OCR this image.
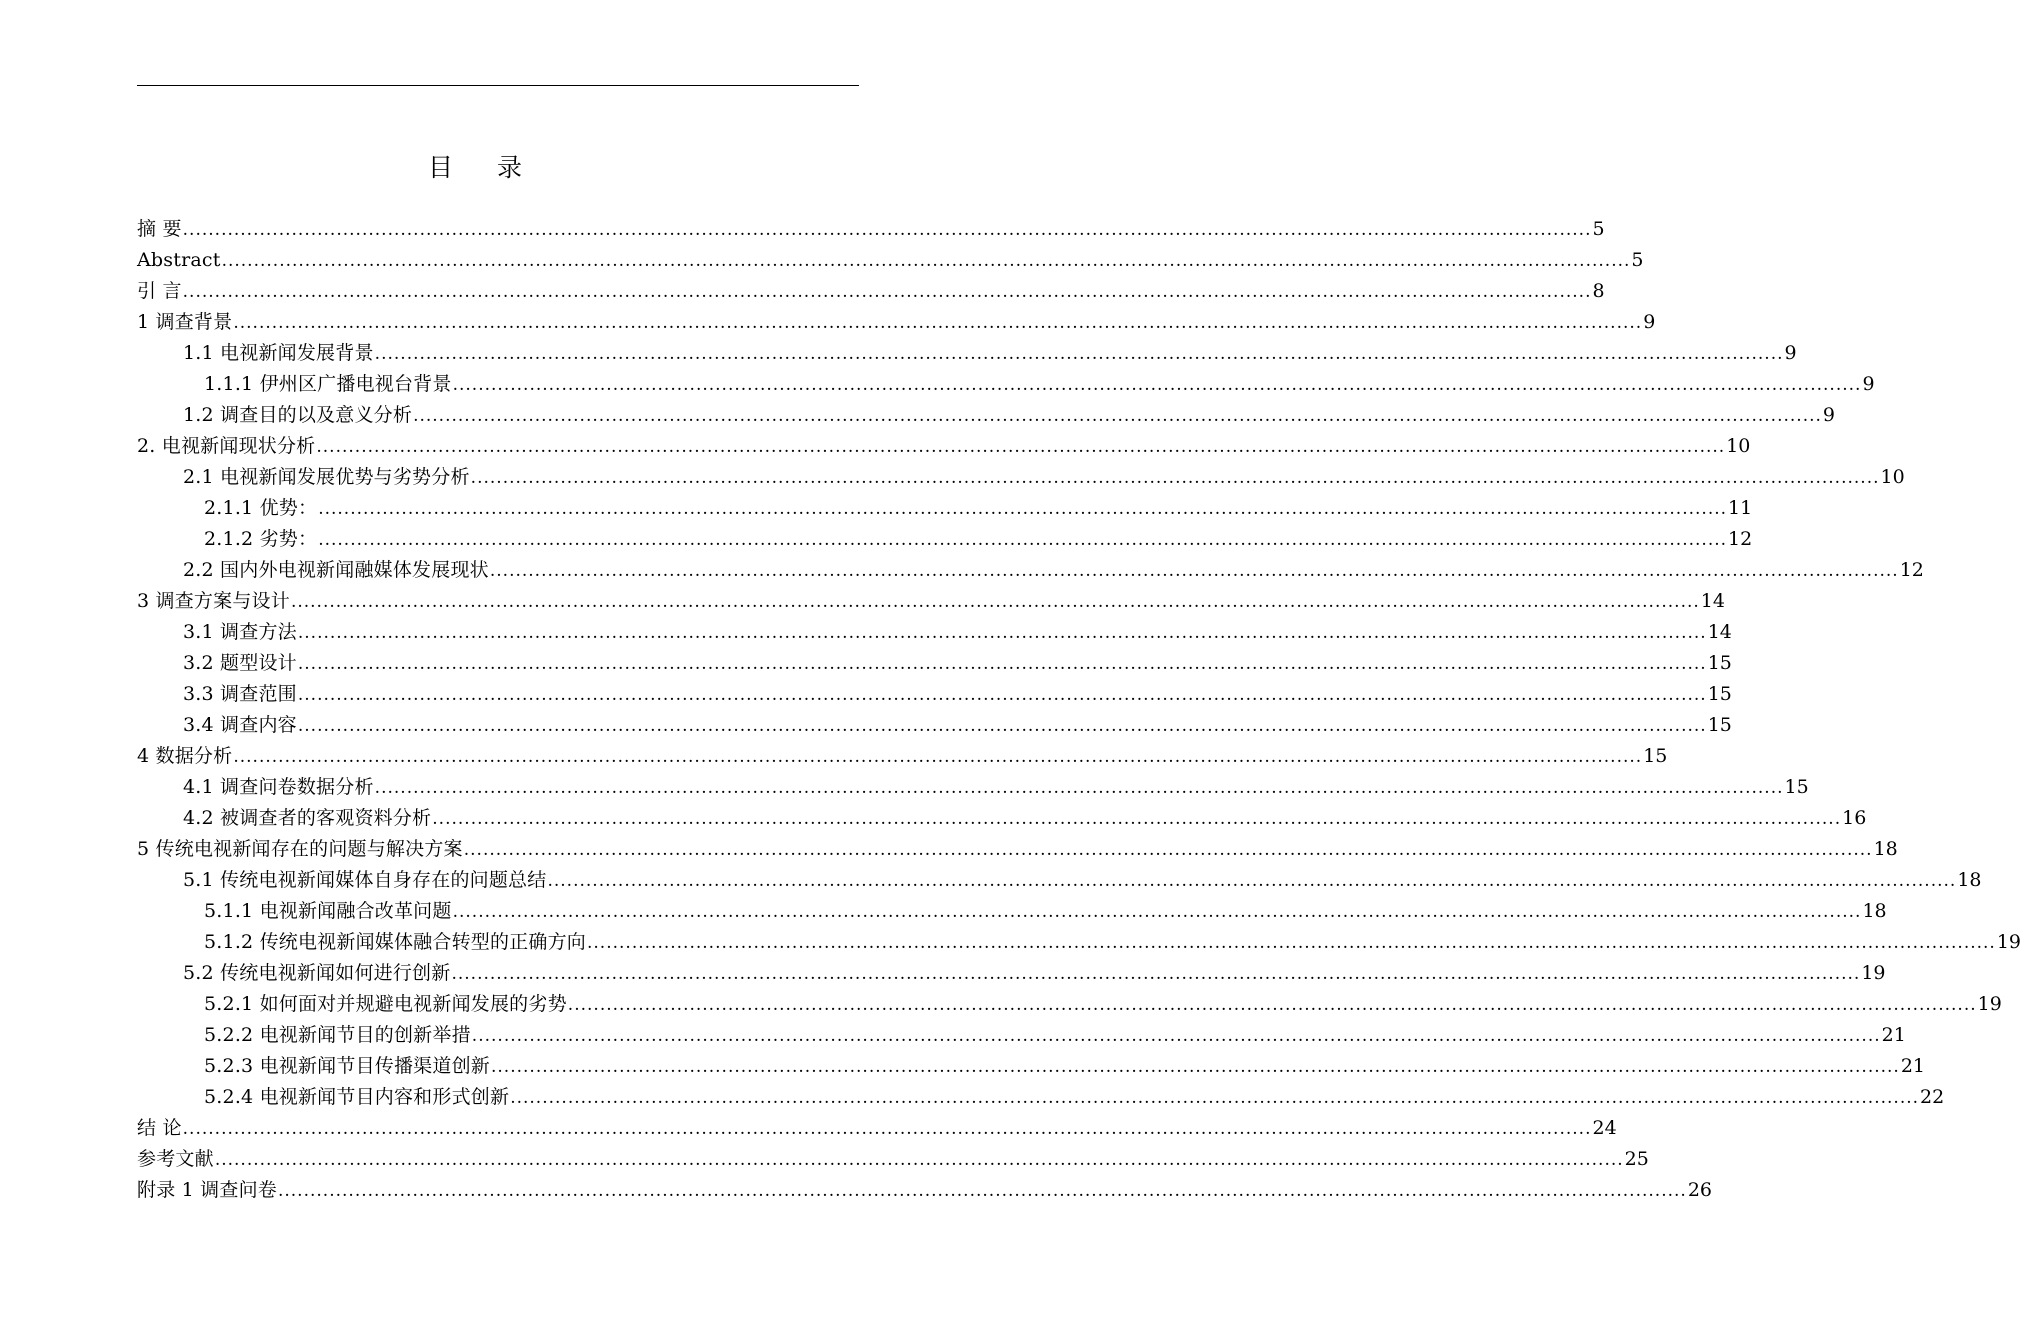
目 录
摘 要 ............................................................................................................................................................................................................................ 5
Abstract ............................................................................................................................................................................................................................ 5
引 言 ............................................................................................................................................................................................................................ 8
1 调查背景 ............................................................................................................................................................................................................................ 9
1.1 电视新闻发展背景 ............................................................................................................................................................................................................................ 9
1.1.1 伊州区广播电视台背景 ............................................................................................................................................................................................................................ 9
1.2 调查目的以及意义分析 ............................................................................................................................................................................................................................ 9
2. 电视新闻现状分析 ............................................................................................................................................................................................................................ 10
2.1 电视新闻发展优势与劣势分析 ............................................................................................................................................................................................................................ 10
2.1.1 优势： ............................................................................................................................................................................................................................ 11
2.1.2 劣势： ............................................................................................................................................................................................................................ 12
2.2 国内外电视新闻融媒体发展现状 ............................................................................................................................................................................................................................ 12
3 调查方案与设计 ............................................................................................................................................................................................................................ 14
3.1 调查方法 ............................................................................................................................................................................................................................ 14
3.2 题型设计 ............................................................................................................................................................................................................................ 15
3.3 调查范围 ............................................................................................................................................................................................................................ 15
3.4 调查内容 ............................................................................................................................................................................................................................ 15
4 数据分析 ............................................................................................................................................................................................................................ 15
4.1 调查问卷数据分析 ............................................................................................................................................................................................................................ 15
4.2 被调查者的客观资料分析 ............................................................................................................................................................................................................................ 16
5 传统电视新闻存在的问题与解决方案 ............................................................................................................................................................................................................................ 18
5.1 传统电视新闻媒体自身存在的问题总结 ............................................................................................................................................................................................................................ 18
5.1.1 电视新闻融合改革问题 ............................................................................................................................................................................................................................ 18
5.1.2 传统电视新闻媒体融合转型的正确方向 ............................................................................................................................................................................................................................ 19
5.2 传统电视新闻如何进行创新 ............................................................................................................................................................................................................................ 19
5.2.1 如何面对并规避电视新闻发展的劣势 ............................................................................................................................................................................................................................ 19
5.2.2 电视新闻节目的创新举措 ............................................................................................................................................................................................................................ 21
5.2.3 电视新闻节目传播渠道创新 ............................................................................................................................................................................................................................ 21
5.2.4 电视新闻节目内容和形式创新 ............................................................................................................................................................................................................................ 22
结 论 ............................................................................................................................................................................................................................ 24
参考文献 ............................................................................................................................................................................................................................ 25
附录 1 调查问卷 ............................................................................................................................................................................................................................ 26
